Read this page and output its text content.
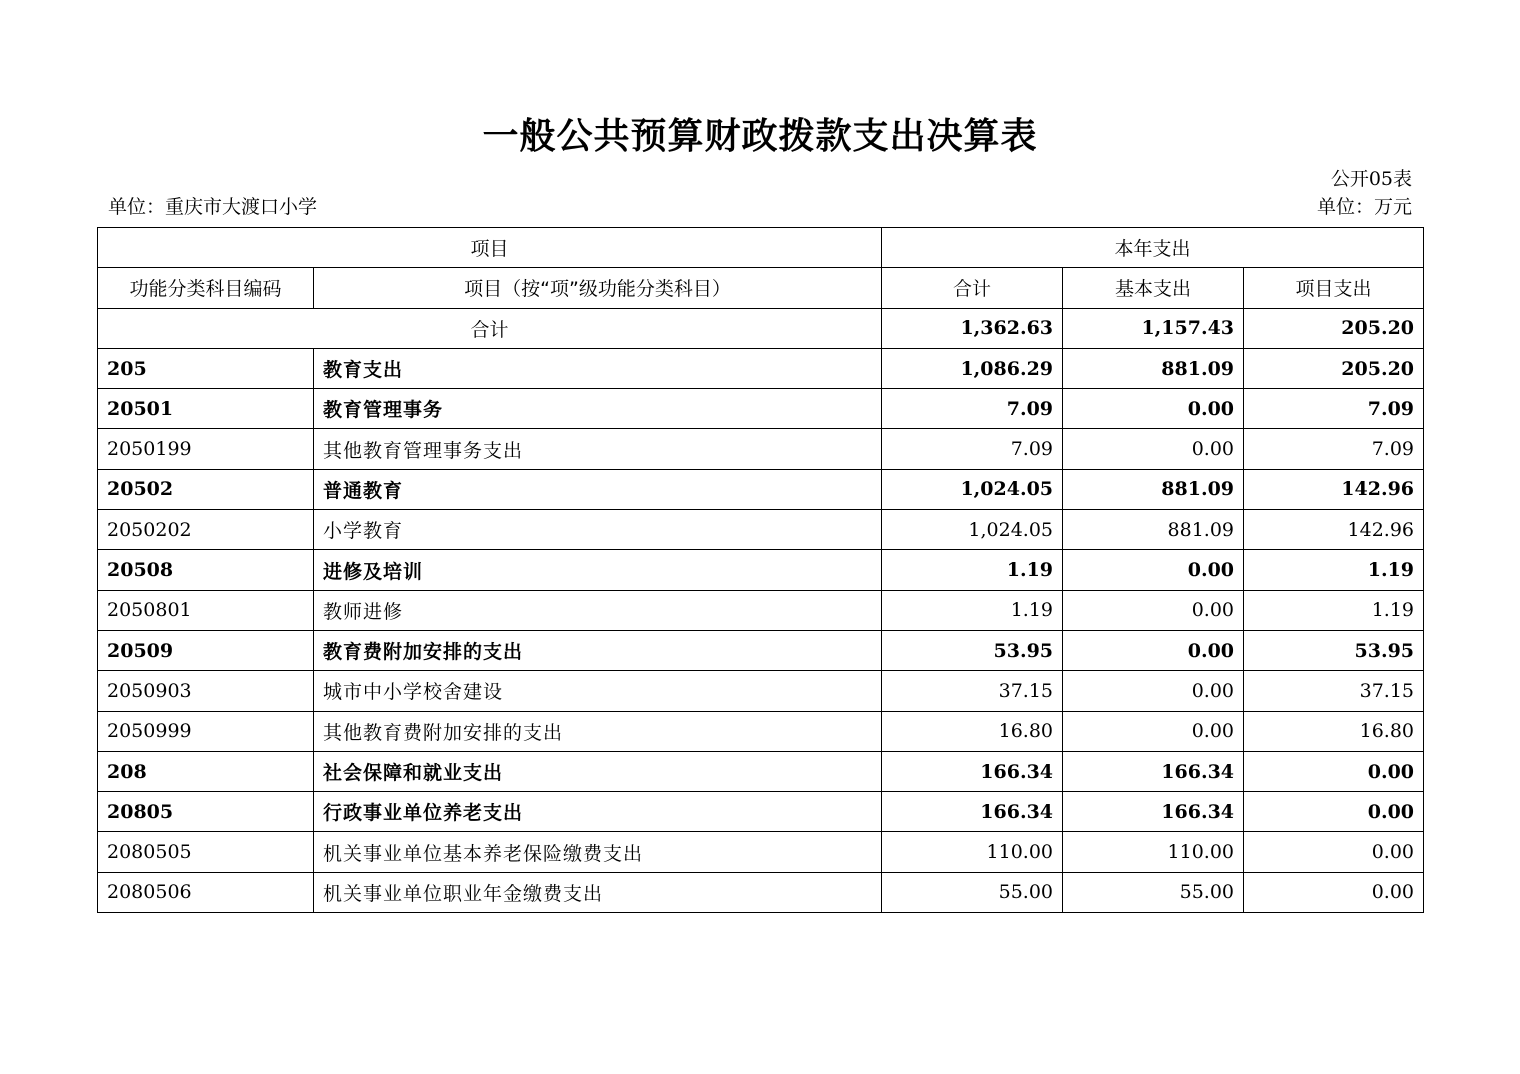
一般公共预算财政拨款支出决算表
公开05表
单位：重庆市大渡口小学	单位：万元
项目		本年支出		
功能分类科目编码	项目（按“项”级功能分类科目）	合计	基本支出	项目支出
合计		1,362.63	1,157.43	205.20
205	教育支出	1,086.29	881.09	205.20
20501	教育管理事务	7.09	0.00	7.09
2050199	其他教育管理事务支出	7.09	0.00	7.09
20502	普通教育	1,024.05	881.09	142.96
2050202	小学教育	1,024.05	881.09	142.96
20508	进修及培训	1.19	0.00	1.19
2050801	教师进修	1.19	0.00	1.19
20509	教育费附加安排的支出	53.95	0.00	53.95
2050903	城市中小学校舍建设	37.15	0.00	37.15
2050999	其他教育费附加安排的支出	16.80	0.00	16.80
208	社会保障和就业支出	166.34	166.34	0.00
20805	行政事业单位养老支出	166.34	166.34	0.00
2080505	机关事业单位基本养老保险缴费支出	110.00	110.00	0.00
2080506	机关事业单位职业年金缴费支出	55.00	55.00	0.00
